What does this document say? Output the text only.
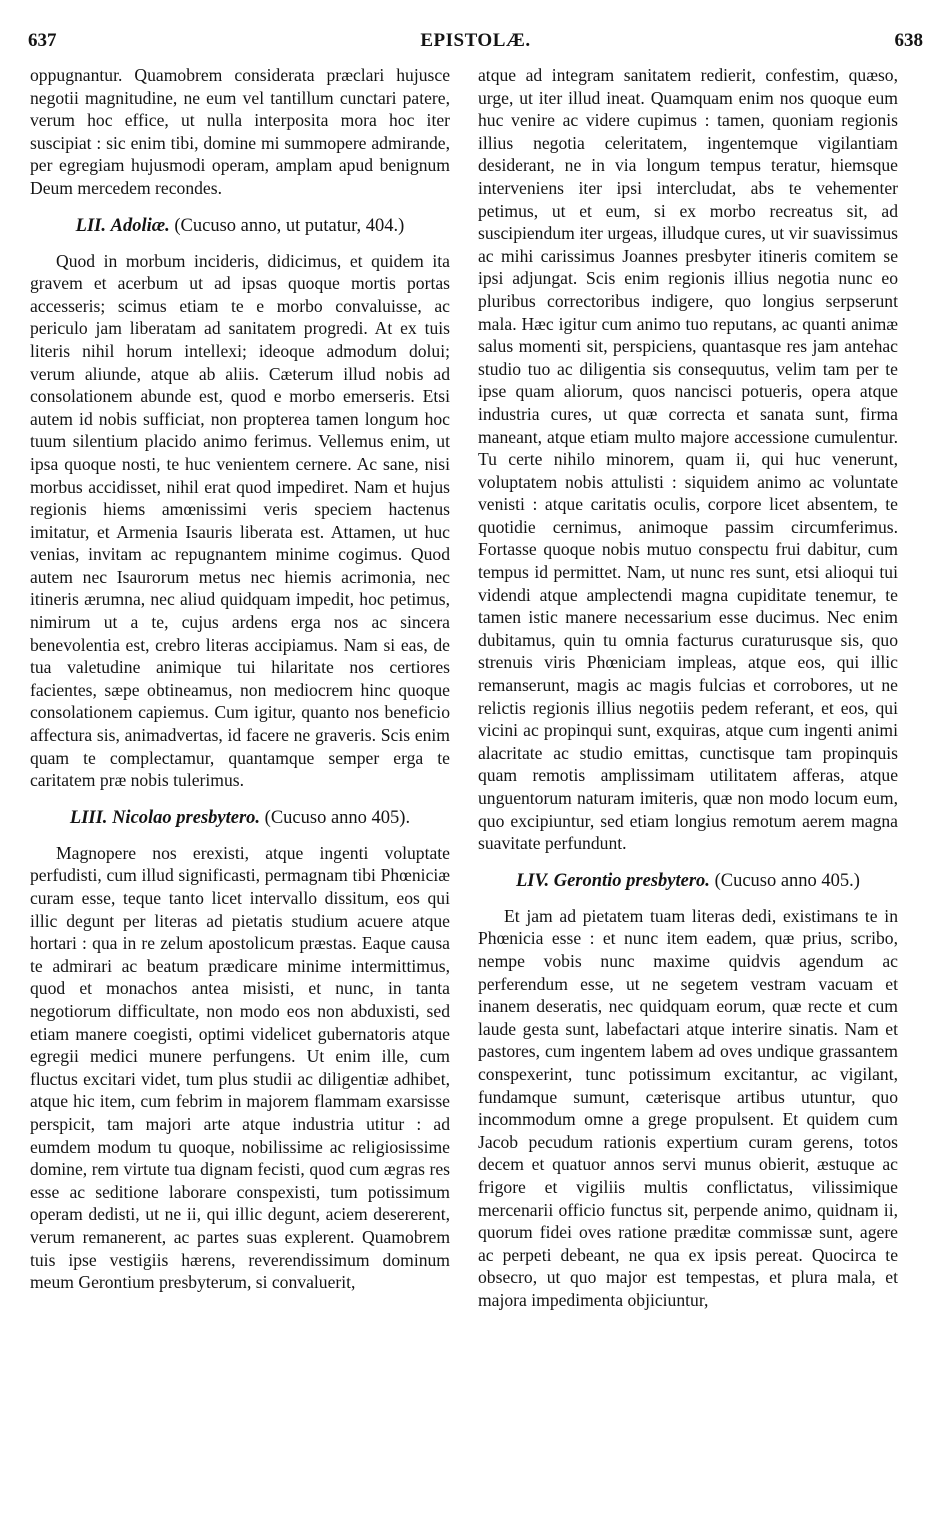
637	EPISTOLÆ.	638

oppugnantur. Quamobrem considerata præclari hujusce negotii magnitudine, ne eum vel tantillum cunctari patere, verum hoc effice, ut nulla interposita mora hoc iter suscipiat : sic enim tibi, domine mi summopere admirande, per egregiam hujusmodi operam, amplam apud benignum Deum mercedem recondes.

LII. Adoliæ. (Cucuso anno, ut putatur, 404.)

Quod in morbum incideris, didicimus, et quidem ita gravem et acerbum ut ad ipsas quoque mortis portas accesseris; scimus etiam te e morbo convaluisse, ac periculo jam liberatam ad sanitatem progredi. At ex tuis literis nihil horum intellexi; ideoque admodum dolui; verum aliunde, atque ab aliis. Cæterum illud nobis ad consolationem abunde est, quod e morbo emerseris. Etsi autem id nobis sufficiat, non propterea tamen longum hoc tuum silentium placido animo ferimus. Vellemus enim, ut ipsa quoque nosti, te huc venientem cernere. Ac sane, nisi morbus accidisset, nihil erat quod impediret. Nam et hujus regionis hiems amœnissimi veris speciem hactenus imitatur, et Armenia Isauris liberata est. Attamen, ut huc venias, invitam ac repugnantem minime cogimus. Quod autem nec Isaurorum metus nec hiemis acrimonia, nec itineris ærumna, nec aliud quidquam impedit, hoc petimus, nimirum ut a te, cujus ardens erga nos ac sincera benevolentia est, crebro literas accipiamus. Nam si eas, de tua valetudine animique tui hilaritate nos certiores facientes, sæpe obtineamus, non mediocrem hinc quoque consolationem capiemus. Cum igitur, quanto nos beneficio affectura sis, animadvertas, id facere ne graveris. Scis enim quam te complectamur, quantamque semper erga te caritatem præ nobis tulerimus.

LIII. Nicolao presbytero. (Cucuso anno 405).

Magnopere nos erexisti, atque ingenti voluptate perfudisti, cum illud significasti, permagnam tibi Phœniciæ curam esse, teque tanto licet intervallo dissitum, eos qui illic degunt per literas ad pietatis studium acuere atque hortari : qua in re zelum apostolicum præstas. Eaque causa te admirari ac beatum prædicare minime intermittimus, quod et monachos antea misisti, et nunc, in tanta negotiorum difficultate, non modo eos non abduxisti, sed etiam manere coegisti, optimi videlicet gubernatoris atque egregii medici munere perfungens. Ut enim ille, cum fluctus excitari videt, tum plus studii ac diligentiæ adhibet, atque hic item, cum febrim in majorem flammam exarsisse perspicit, tam majori arte atque industria utitur : ad eumdem modum tu quoque, nobilissime ac religiosissime domine, rem virtute tua dignam fecisti, quod cum ægras res esse ac seditione laborare conspexisti, tum potissimum operam dedisti, ut ne ii, qui illic degunt, aciem desererent, verum remanerent, ac partes suas explerent. Quamobrem tuis ipse vestigiis hærens, reverendissimum dominum meum Gerontium presbyterum, si convaluerit,

atque ad integram sanitatem redierit, confestim, quæso, urge, ut iter illud ineat. Quamquam enim nos quoque eum huc venire ac videre cupimus : tamen, quoniam regionis illius negotia celeritatem, ingentemque vigilantiam desiderant, ne in via longum tempus teratur, hiemsque interveniens iter ipsi intercludat, abs te vehementer petimus, ut et eum, si ex morbo recreatus sit, ad suscipiendum iter urgeas, illudque cures, ut vir suavissimus ac mihi carissimus Joannes presbyter itineris comitem se ipsi adjungat. Scis enim regionis illius negotia nunc eo pluribus correctoribus indigere, quo longius serpserunt mala. Hæc igitur cum animo tuo reputans, ac quanti animæ salus momenti sit, perspiciens, quantasque res jam antehac studio tuo ac diligentia sis consequutus, velim tam per te ipse quam aliorum, quos nancisci potueris, opera atque industria cures, ut quæ correcta et sanata sunt, firma maneant, atque etiam multo majore accessione cumulentur. Tu certe nihilo minorem, quam ii, qui huc venerunt, voluptatem nobis attulisti : siquidem animo ac voluntate venisti : atque caritatis oculis, corpore licet absentem, te quotidie cernimus, animoque passim circumferimus. Fortasse quoque nobis mutuo conspectu frui dabitur, cum tempus id permittet. Nam, ut nunc res sunt, etsi alioqui tui videndi atque amplectendi magna cupiditate tenemur, te tamen istic manere necessarium esse ducimus. Nec enim dubitamus, quin tu omnia facturus curaturusque sis, quo strenuis viris Phœniciam impleas, atque eos, qui illic remanserunt, magis ac magis fulcias et corrobores, ut ne relictis regionis illius negotiis pedem referant, et eos, qui vicini ac propinqui sunt, exquiras, atque cum ingenti animi alacritate ac studio emittas, cunctisque tam propinquis quam remotis amplissimam utilitatem afferas, atque unguentorum naturam imiteris, quæ non modo locum eum, quo excipiuntur, sed etiam longius remotum aerem magna suavitate perfundunt.

LIV. Gerontio presbytero. (Cucuso anno 405.)

Et jam ad pietatem tuam literas dedi, existimans te in Phœnicia esse : et nunc item eadem, quæ prius, scribo, nempe vobis nunc maxime quidvis agendum ac perferendum esse, ut ne segetem vestram vacuam et inanem deseratis, nec quidquam eorum, quæ recte et cum laude gesta sunt, labefactari atque interire sinatis. Nam et pastores, cum ingentem labem ad oves undique grassantem conspexerint, tunc potissimum excitantur, ac vigilant, fundamque sumunt, cæterisque artibus utuntur, quo incommodum omne a grege propulsent. Et quidem cum Jacob pecudum rationis expertium curam gerens, totos decem et quatuor annos servi munus obierit, æstuque ac frigore et vigiliis multis conflictatus, vilissimique mercenarii officio functus sit, perpende animo, quidnam ii, quorum fidei oves ratione præditæ commissæ sunt, agere ac perpeti debeant, ne qua ex ipsis pereat. Quocirca te obsecro, ut quo major est tempestas, et plura mala, et majora impedimenta objiciuntur,
